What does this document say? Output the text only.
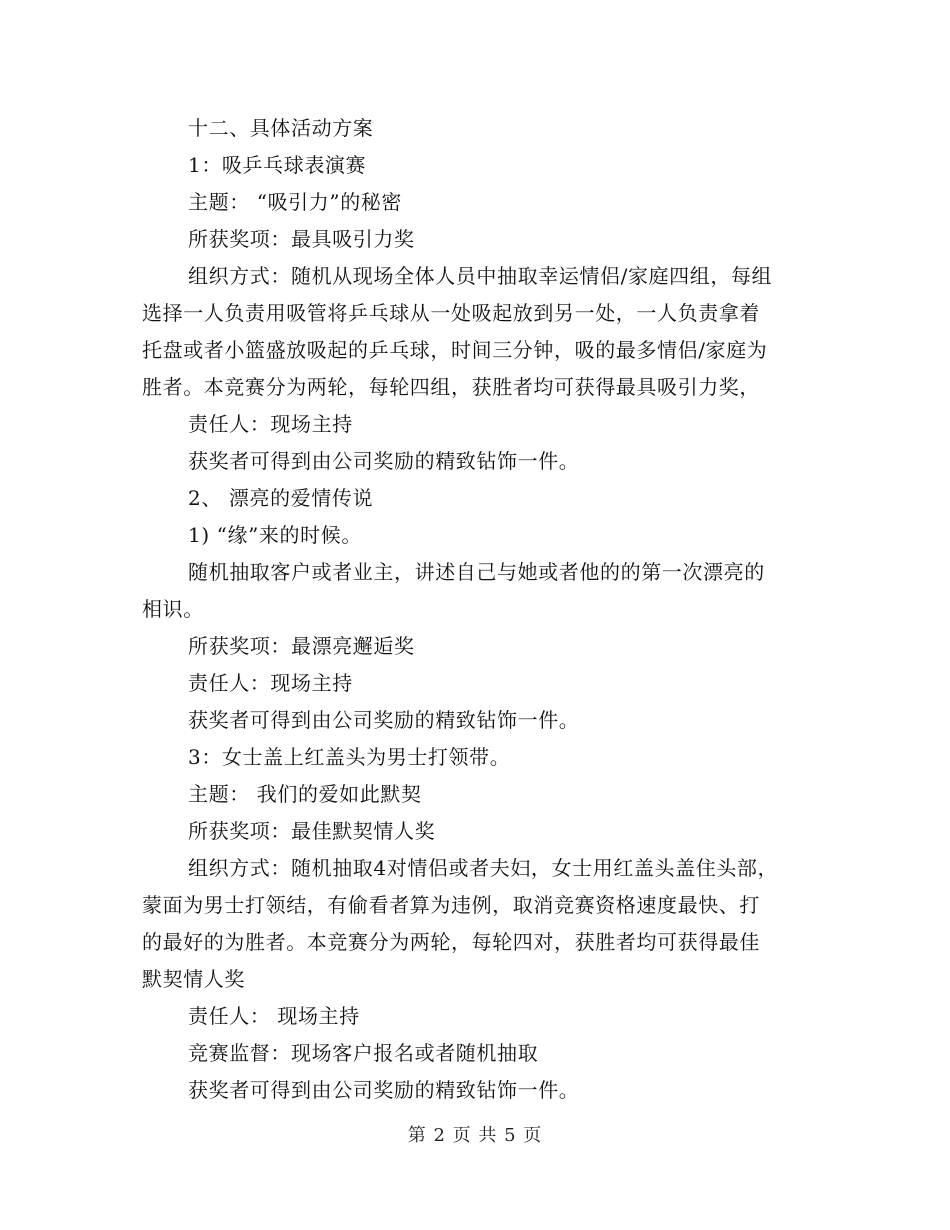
十二、具体活动方案
1：吸乒乓球表演赛
主题： “吸引力”的秘密
所获奖项：最具吸引力奖
组织方式：随机从现场全体人员中抽取幸运情侣/家庭四组，每组
选择一人负责用吸管将乒乓球从一处吸起放到另一处，一人负责拿着
托盘或者小篮盛放吸起的乒乓球，时间三分钟，吸的最多情侣/家庭为
胜者。本竞赛分为两轮，每轮四组，获胜者均可获得最具吸引力奖，
责任人：现场主持
获奖者可得到由公司奖励的精致钻饰一件。
2、 漂亮的爱情传说
1) “缘”来的时候。
随机抽取客户或者业主，讲述自己与她或者他的的第一次漂亮的
相识。
所获奖项：最漂亮邂逅奖
责任人：现场主持
获奖者可得到由公司奖励的精致钻饰一件。
3：女士盖上红盖头为男士打领带。
主题： 我们的爱如此默契
所获奖项：最佳默契情人奖
组织方式：随机抽取4对情侣或者夫妇，女士用红盖头盖住头部，
蒙面为男士打领结，有偷看者算为违例，取消竞赛资格速度最快、打
的最好的为胜者。本竞赛分为两轮，每轮四对，获胜者均可获得最佳
默契情人奖
责任人： 现场主持
竞赛监督：现场客户报名或者随机抽取
获奖者可得到由公司奖励的精致钻饰一件。
第 2 页 共 5 页
